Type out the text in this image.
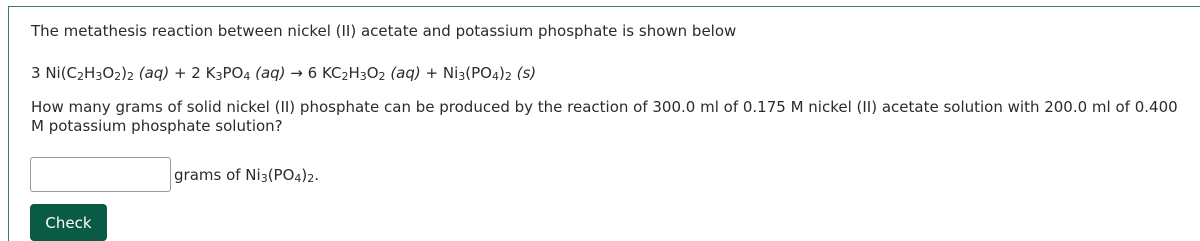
The metathesis reaction between nickel (II) acetate and potassium phosphate is shown below
3 $Ni(C_2H_3O_2)_2$ (aq) + 2 $K_3PO_4$ (aq) → 6 $KC_2H_3O_2$ $(aq) + Ni_3(PO_4)_2$ (s)
How many grams of solid nickel (II) phosphate can be produced by the reaction of 300.0 ml of 0.175 M nickel (II) acetate solution with 200.0 ml of 0.400 M potassium phosphate solution?
grams of $Ni_3(PO_4)_2$.
Check
